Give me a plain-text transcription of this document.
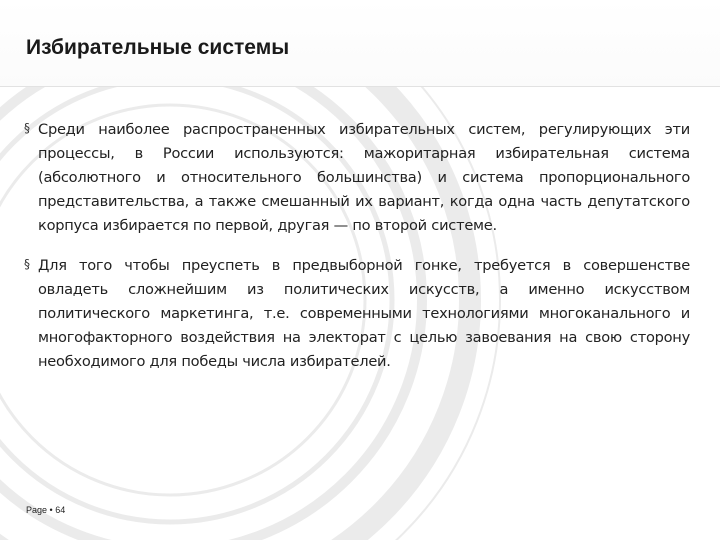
Избирательные системы
§ Среди наиболее распространенных избирательных систем, регулирующих эти процессы, в России используются: мажоритарная избирательная система (абсолютного и относительного большинства) и система пропорционального представительства, а также смешанный их вариант, когда одна часть депутатского корпуса избирается по первой, другая — по второй системе.
§ Для того чтобы преуспеть в предвыборной гонке, требуется в совершенстве овладеть сложнейшим из политических искусств, а именно искусством политического маркетинга, т.е. современными технологиями многоканального и многофакторного воздействия на электорат с целью завоевания на свою сторону необходимого для победы числа избирателей.
Page • 64
